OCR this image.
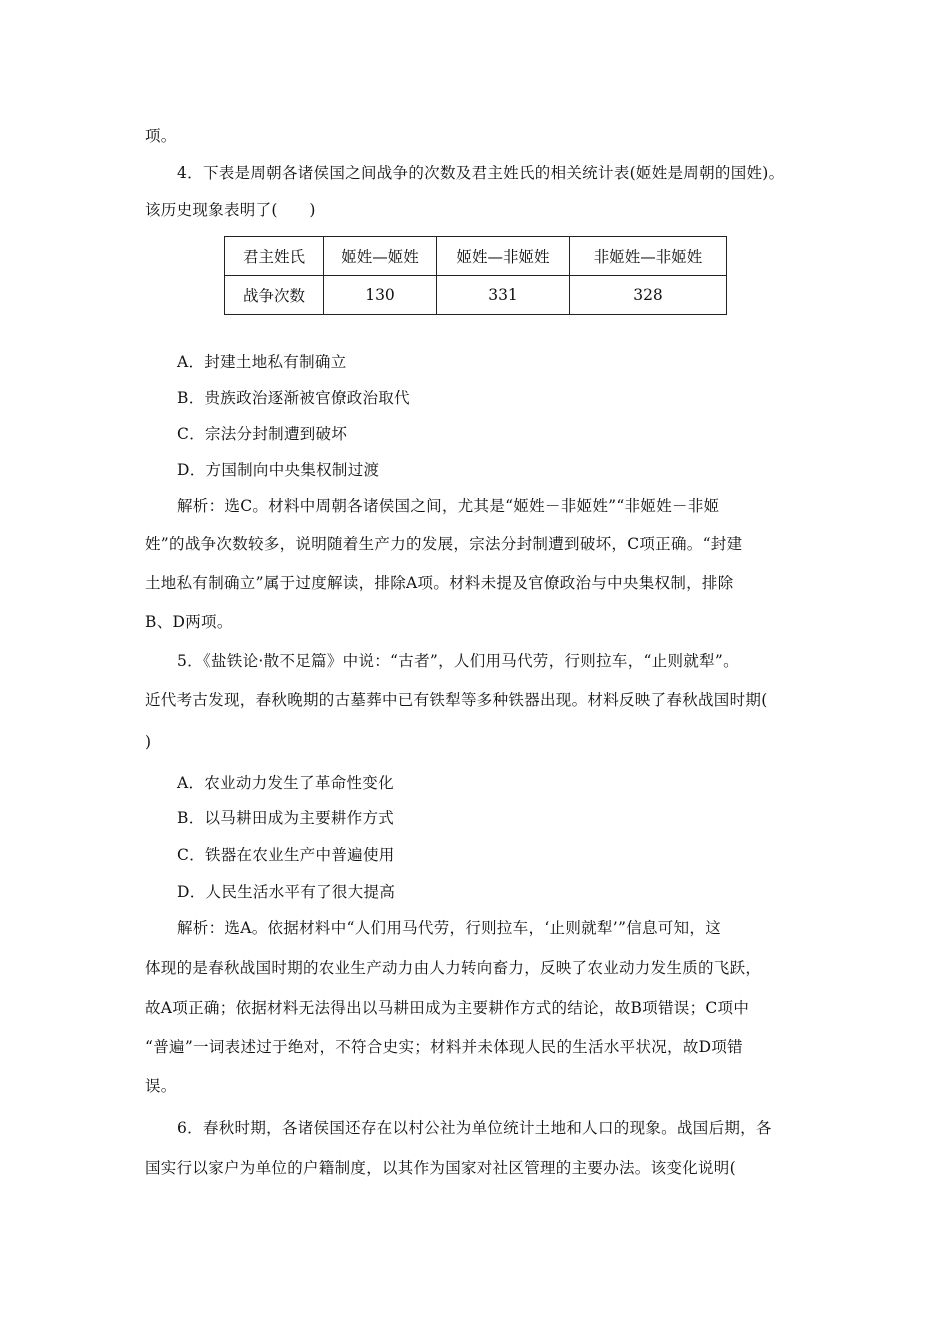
项。
4．下表是周朝各诸侯国之间战争的次数及君主姓氏的相关统计表(姬姓是周朝的国姓)。
该历史现象表明了(　　)
君主姓氏	姬姓—姬姓	姬姓—非姬姓	非姬姓—非姬姓
战争次数	130	331	328
A．封建土地私有制确立
B．贵族政治逐渐被官僚政治取代
C．宗法分封制遭到破坏
D．方国制向中央集权制过渡
解析：选C。材料中周朝各诸侯国之间，尤其是“姬姓－非姬姓”“非姬姓－非姬
姓”的战争次数较多，说明随着生产力的发展，宗法分封制遭到破坏，C项正确。“封建
土地私有制确立”属于过度解读，排除A项。材料未提及官僚政治与中央集权制，排除
B、D两项。
5．《盐铁论·散不足篇》中说：“古者”，人们用马代劳，行则拉车，“止则就犁”。
近代考古发现，春秋晚期的古墓葬中已有铁犁等多种铁器出现。材料反映了春秋战国时期(
)
A．农业动力发生了革命性变化
B．以马耕田成为主要耕作方式
C．铁器在农业生产中普遍使用
D．人民生活水平有了很大提高
解析：选A。依据材料中“人们用马代劳，行则拉车，‘止则就犁’”信息可知，这
体现的是春秋战国时期的农业生产动力由人力转向畜力，反映了农业动力发生质的飞跃，
故A项正确；依据材料无法得出以马耕田成为主要耕作方式的结论，故B项错误；C项中
“普遍”一词表述过于绝对，不符合史实；材料并未体现人民的生活水平状况，故D项错
误。
6．春秋时期，各诸侯国还存在以村公社为单位统计土地和人口的现象。战国后期，各
国实行以家户为单位的户籍制度，以其作为国家对社区管理的主要办法。该变化说明(
